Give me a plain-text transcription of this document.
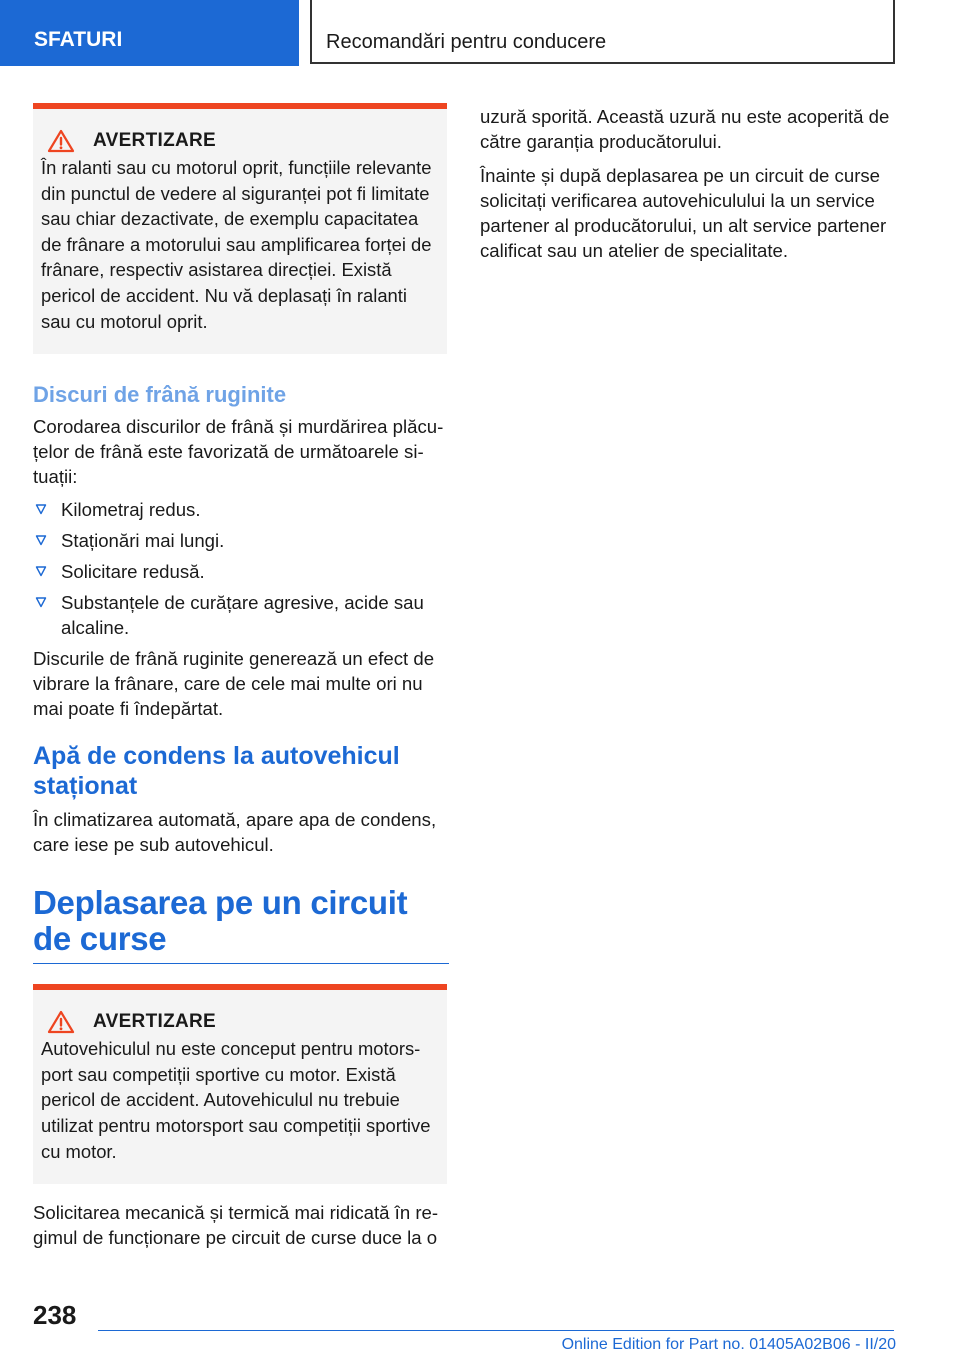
SFATURI	Recomandări pentru conducere
AVERTIZARE

În ralanti sau cu motorul oprit, funcțiile relevante din punctul de vedere al siguranței pot fi limitate sau chiar dezactivate, de exemplu capacitatea de frânare a motorului sau amplificarea forței de frânare, respectiv asistarea direcției. Există pericol de accident. Nu vă deplasați în ralanti sau cu motorul oprit.

Discuri de frână ruginite

Corodarea discurilor de frână și murdărirea plăcuțelor de frână este favorizată de următoarele situații:

Kilometraj redus.
Staționări mai lungi.
Solicitare redusă.
Substanțele de curățare agresive, acide sau alcaline.

Discurile de frână ruginite generează un efect de vibrare la frânare, care de cele mai multe ori nu mai poate fi îndepărtat.

Apă de condens la autovehicul staționat

În climatizarea automată, apare apa de condens, care iese pe sub autovehicul.

Deplasarea pe un circuit de curse
AVERTIZARE

Autovehiculul nu este conceput pentru motorsport sau competiții sportive cu motor. Există pericol de accident. Autovehiculul nu trebuie utilizat pentru motorsport sau competiții sportive cu motor.

Solicitarea mecanică și termică mai ridicată în regimul de funcționare pe circuit de curse duce la o

uzură sporită. Această uzură nu este acoperită de către garanția producătorului.

Înainte și după deplasarea pe un circuit de curse solicitați verificarea autovehiculului la un service partener al producătorului, un alt service partener calificat sau un atelier de specialitate.

238
Online Edition for Part no. 01405A02B06 - II/20
